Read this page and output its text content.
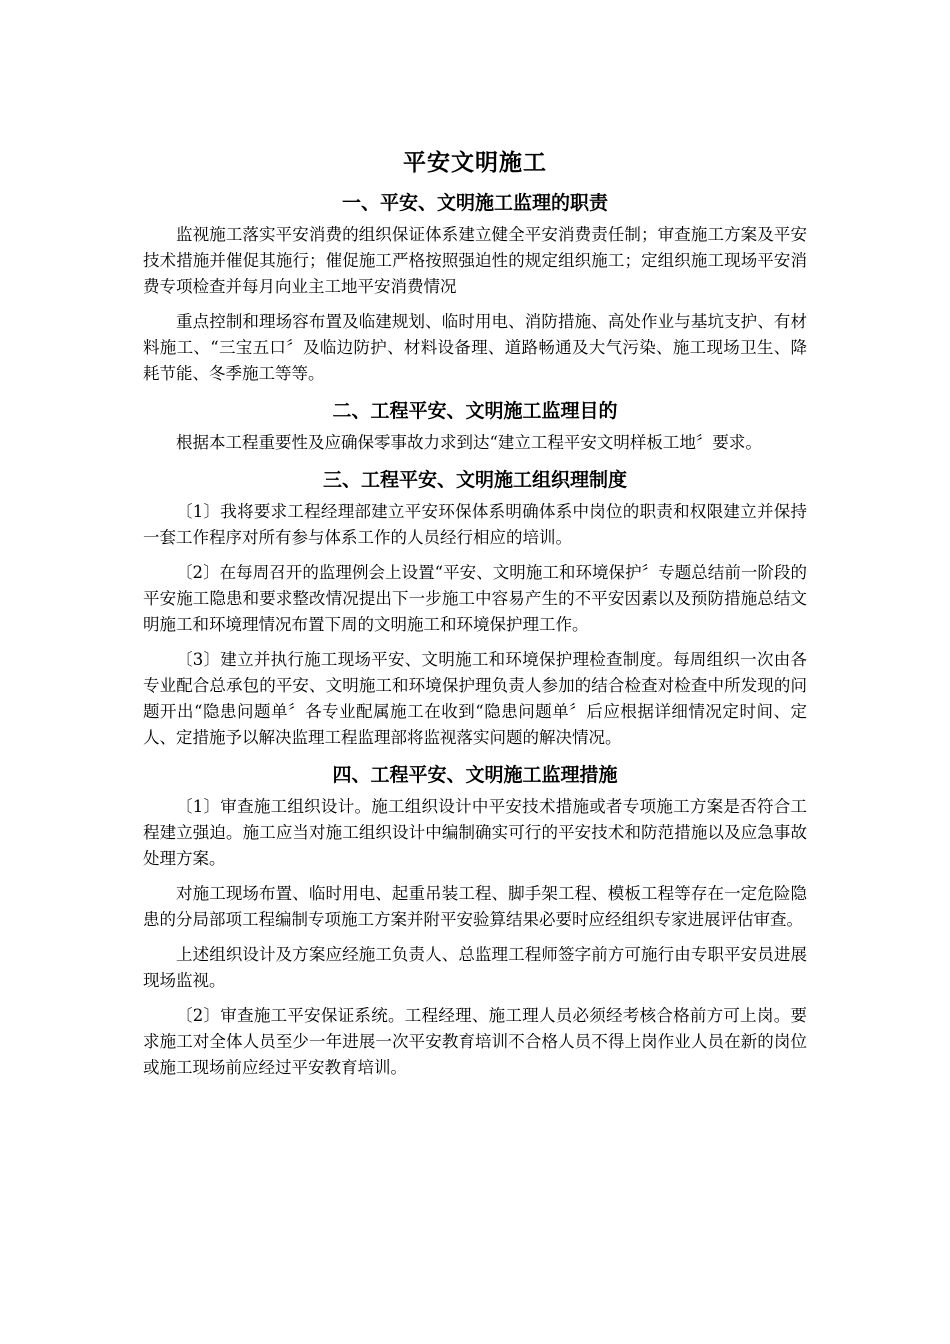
平安文明施工
一、平安、文明施工监理的职责

监视施工落实平安消费的组织保证体系建立健全平安消费责任制；审查施工方案及平安技术措施并催促其施行；催促施工严格按照强迫性的规定组织施工；定组织施工现场平安消费专项检查并每月向业主工地平安消费情况

重点控制和理场容布置及临建规划、临时用电、消防措施、高处作业与基坑支护、有材料施工、“三宝五口〞及临边防护、材料设备理、道路畅通及大气污染、施工现场卫生、降耗节能、冬季施工等等。

二、工程平安、文明施工监理目的

根据本工程重要性及应确保零事故力求到达“建立工程平安文明样板工地〞要求。

三、工程平安、文明施工组织理制度

〔1〕我将要求工程经理部建立平安环保体系明确体系中岗位的职责和权限建立并保持一套工作程序对所有参与体系工作的人员经行相应的培训。

〔2〕在每周召开的监理例会上设置“平安、文明施工和环境保护〞专题总结前一阶段的平安施工隐患和要求整改情况提出下一步施工中容易产生的不平安因素以及预防措施总结文明施工和环境理情况布置下周的文明施工和环境保护理工作。

〔3〕建立并执行施工现场平安、文明施工和环境保护理检查制度。每周组织一次由各专业配合总承包的平安、文明施工和环境保护理负责人参加的结合检查对检查中所发现的问题开出“隐患问题单〞各专业配属施工在收到“隐患问题单〞后应根据详细情况定时间、定人、定措施予以解决监理工程监理部将监视落实问题的解决情况。

四、工程平安、文明施工监理措施

〔1〕审查施工组织设计。施工组织设计中平安技术措施或者专项施工方案是否符合工程建立强迫。施工应当对施工组织设计中编制确实可行的平安技术和防范措施以及应急事故处理方案。

对施工现场布置、临时用电、起重吊装工程、脚手架工程、模板工程等存在一定危险隐患的分局部项工程编制专项施工方案并附平安验算结果必要时应经组织专家进展评估审查。

上述组织设计及方案应经施工负责人、总监理工程师签字前方可施行由专职平安员进展现场监视。

〔2〕审查施工平安保证系统。工程经理、施工理人员必须经考核合格前方可上岗。要求施工对全体人员至少一年进展一次平安教育培训不合格人员不得上岗作业人员在新的岗位或施工现场前应经过平安教育培训。
